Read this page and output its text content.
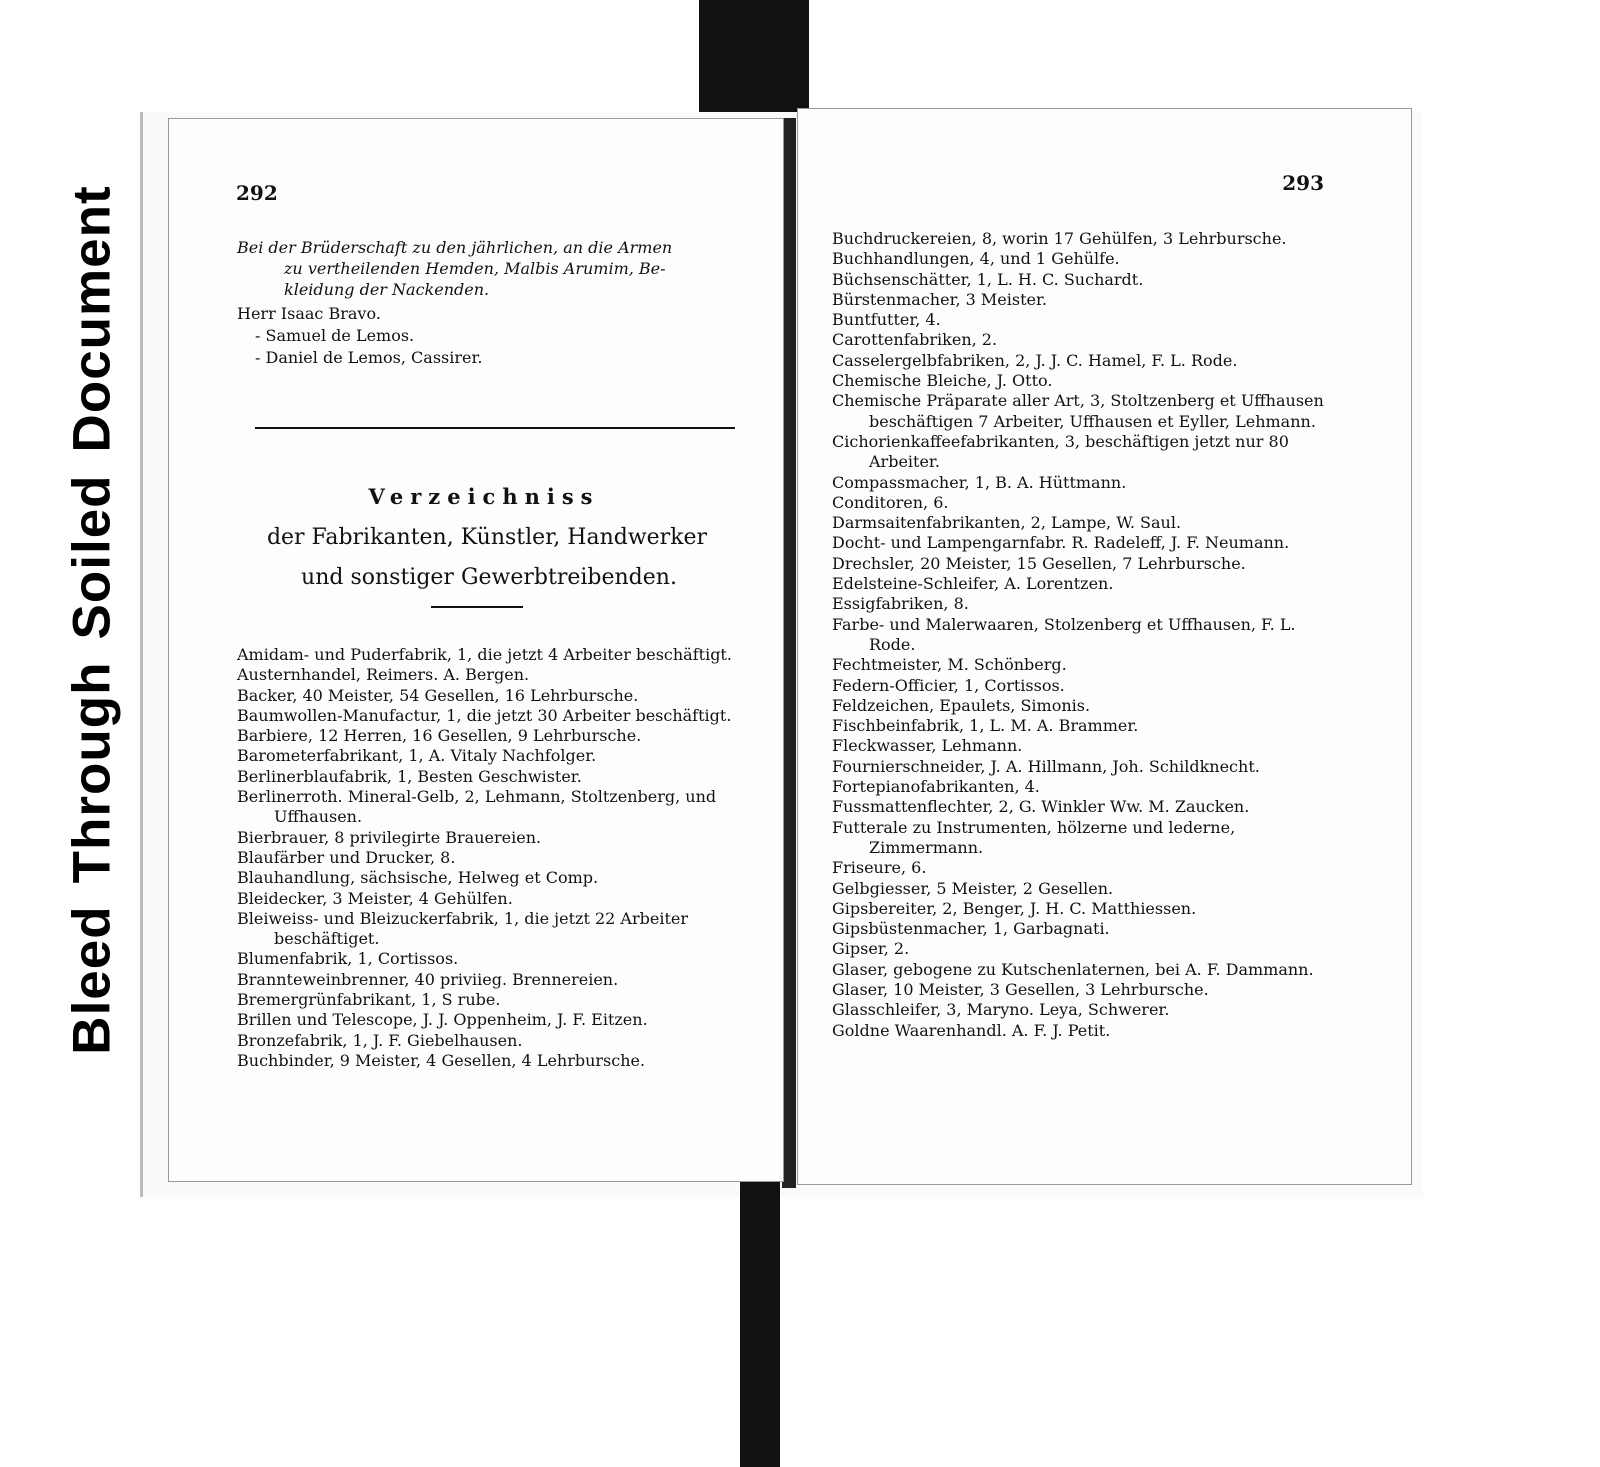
BleedThroughSoiledDocument	292
Bei der Brüderschaft zu den jährlichen, an die Armen
zu vertheilenden Hemden, Malbis Arumim, Be-
kleidung der Nackenden.
Herr Isaac Bravo.
- Samuel de Lemos.
- Daniel de Lemos, Cassirer.
Verzeichniss
der Fabrikanten, Künstler, Handwerker
und sonstiger Gewerbtreibenden.
Amidam- und Puderfabrik, 1, die jetzt 4 Arbeiter beschäftigt.
Austernhandel, Reimers. A. Bergen.
Backer, 40 Meister, 54 Gesellen, 16 Lehrbursche.
Baumwollen-Manufactur, 1, die jetzt 30 Arbeiter beschäftigt.
Barbiere, 12 Herren, 16 Gesellen, 9 Lehrbursche.
Barometerfabrikant, 1, A. Vitaly Nachfolger.
Berlinerblaufabrik, 1, Besten Geschwister.
Berlinerroth. Mineral-Gelb, 2, Lehmann, Stoltzenberg, und Uffhausen.
Bierbrauer, 8 privilegirte Brauereien.
Blaufärber und Drucker, 8.
Blauhandlung, sächsische, Helweg et Comp.
Bleidecker, 3 Meister, 4 Gehülfen.
Bleiweiss- und Bleizuckerfabrik, 1, die jetzt 22 Arbeiter beschäftiget.
Blumenfabrik, 1, Cortissos.
Brannteweinbrenner, 40 priviieg. Brennereien.
Bremergrünfabrikant, 1, S rube.
Brillen und Telescope, J. J. Oppenheim, J. F. Eitzen.
Bronzefabrik, 1, J. F. Giebelhausen.
Buchbinder, 9 Meister, 4 Gesellen, 4 Lehrbursche.
293
Buchdruckereien, 8, worin 17 Gehülfen, 3 Lehrbursche.
Buchhandlungen, 4, und 1 Gehülfe.
Büchsenschätter, 1, L. H. C. Suchardt.
Bürstenmacher, 3 Meister.
Buntfutter, 4.
Carottenfabriken, 2.
Casselergelbfabriken, 2, J. J. C. Hamel, F. L. Rode.
Chemische Bleiche, J. Otto.
Chemische Präparate aller Art, 3, Stoltzenberg et Uffhausen beschäftigen 7 Arbeiter, Uffhausen et Eyller, Lehmann.
Cichorienkaffeefabrikanten, 3, beschäftigen jetzt nur 80 Arbeiter.
Compassmacher, 1, B. A. Hüttmann.
Conditoren, 6.
Darmsaitenfabrikanten, 2, Lampe, W. Saul.
Docht- und Lampengarnfabr. R. Radeleff, J. F. Neumann.
Drechsler, 20 Meister, 15 Gesellen, 7 Lehrbursche.
Edelsteine-Schleifer, A. Lorentzen.
Essigfabriken, 8.
Farbe- und Malerwaaren, Stolzenberg et Uffhausen, F. L. Rode.
Fechtmeister, M. Schönberg.
Federn-Officier, 1, Cortissos.
Feldzeichen, Epaulets, Simonis.
Fischbeinfabrik, 1, L. M. A. Brammer.
Fleckwasser, Lehmann.
Fournierschneider, J. A. Hillmann, Joh. Schildknecht.
Fortepianofabrikanten, 4.
Fussmattenflechter, 2, G. Winkler Ww. M. Zaucken.
Futterale zu Instrumenten, hölzerne und lederne, Zimmermann.
Friseure, 6.
Gelbgiesser, 5 Meister, 2 Gesellen.
Gipsbereiter, 2, Benger, J. H. C. Matthiessen.
Gipsbüstenmacher, 1, Garbagnati.
Gipser, 2.
Glaser, gebogene zu Kutschenlaternen, bei A. F. Dammann.
Glaser, 10 Meister, 3 Gesellen, 3 Lehrbursche.
Glasschleifer, 3, Maryno. Leya, Schwerer.
Goldne Waarenhandl. A. F. J. Petit.
